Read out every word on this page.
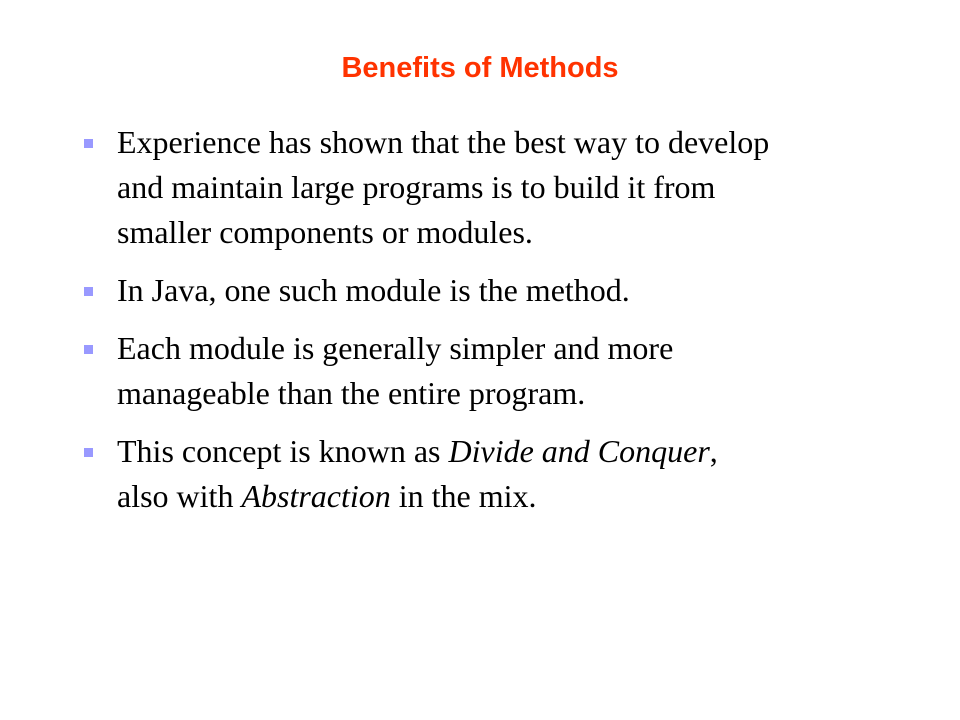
Benefits of Methods
Experience has shown that the best way to develop
and maintain large programs is to build it from
smaller components or modules.
In Java, one such module is the method.
Each module is generally simpler and more
manageable than the entire program.
This concept is known as Divide and Conquer,
also with Abstraction in the mix.
